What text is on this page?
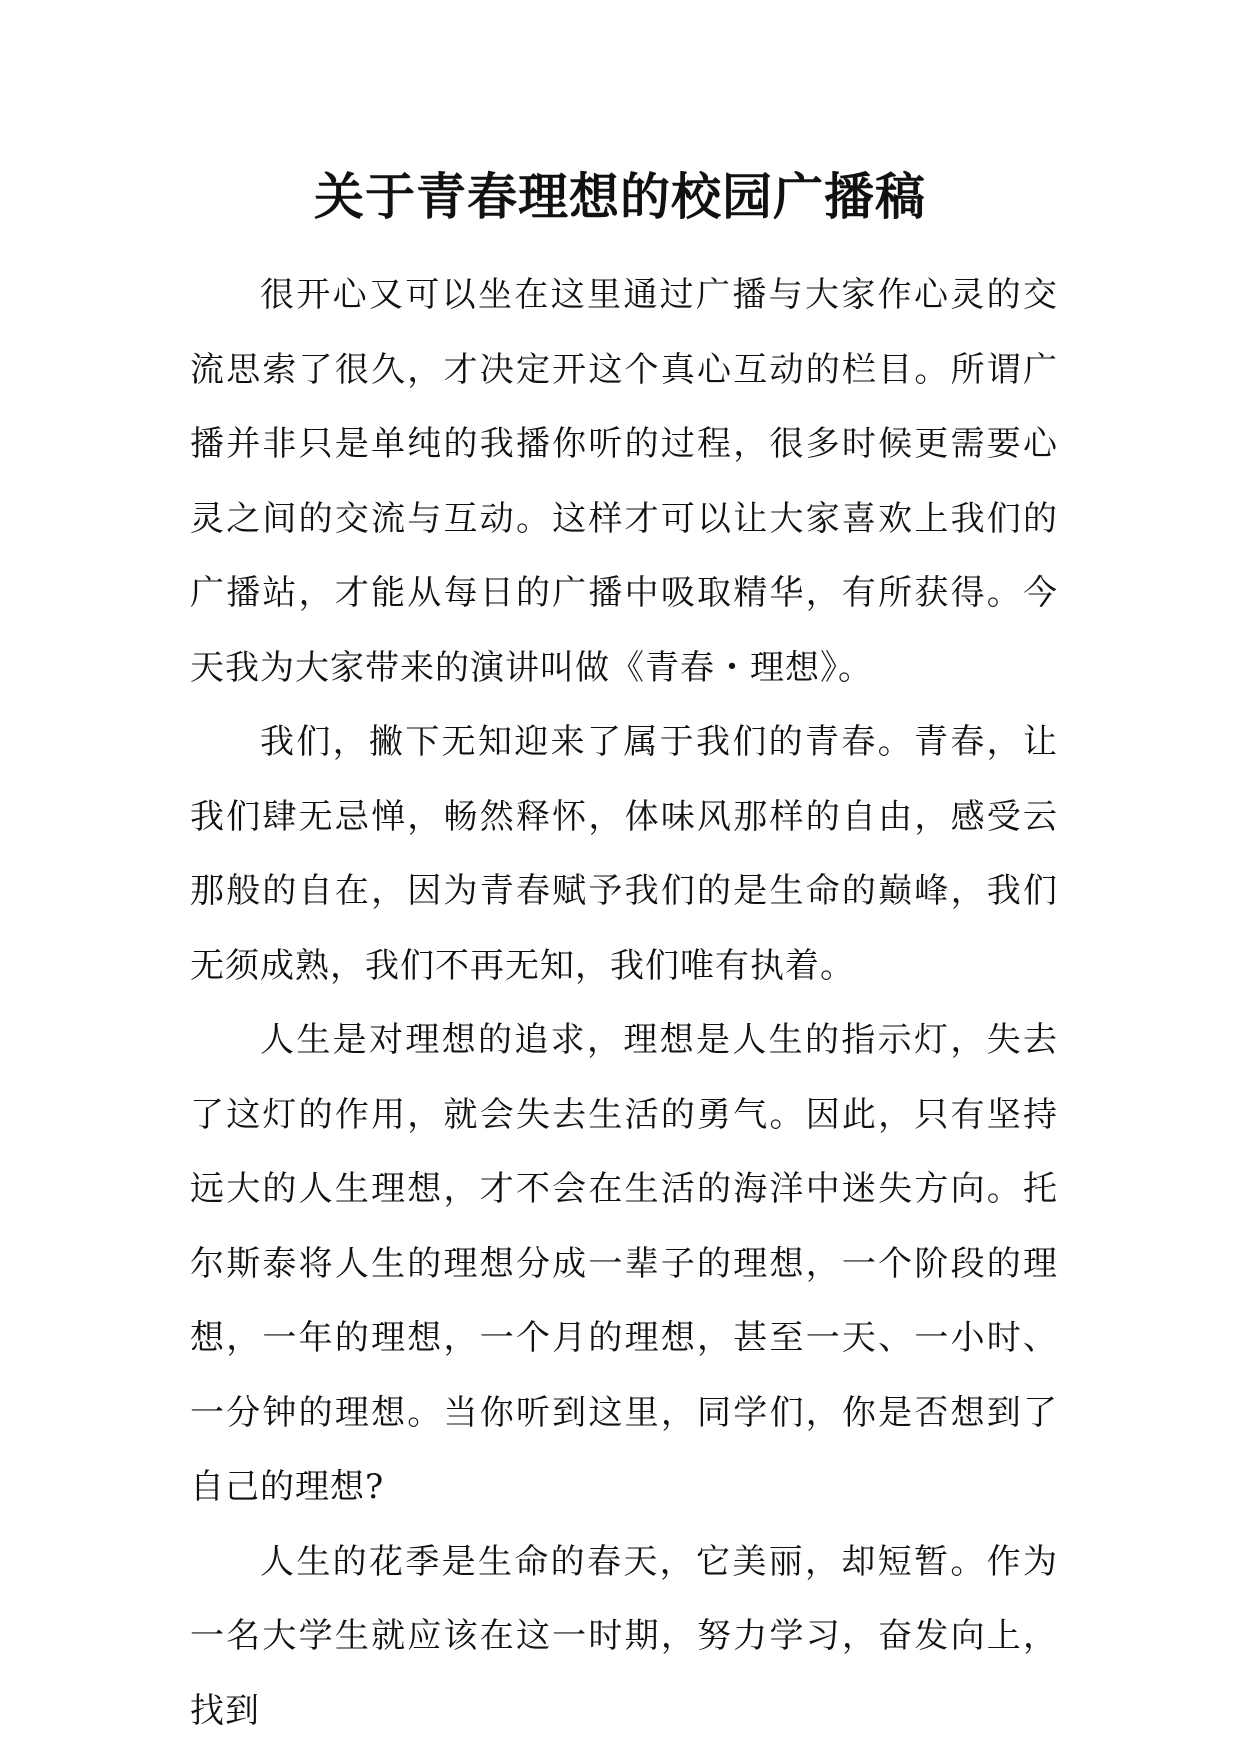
关于青春理想的校园广播稿

很开心又可以坐在这里通过广播与大家作心灵的交流思索了很久，才决定开这个真心互动的栏目。所谓广播并非只是单纯的我播你听的过程，很多时候更需要心灵之间的交流与互动。这样才可以让大家喜欢上我们的广播站，才能从每日的广播中吸取精华，有所获得。今天我为大家带来的演讲叫做《青春・理想》。

我们，撇下无知迎来了属于我们的青春。青春，让我们肆无忌惮，畅然释怀，体味风那样的自由，感受云那般的自在，因为青春赋予我们的是生命的巅峰，我们无须成熟，我们不再无知，我们唯有执着。

人生是对理想的追求，理想是人生的指示灯，失去了这灯的作用，就会失去生活的勇气。因此，只有坚持远大的人生理想，才不会在生活的海洋中迷失方向。托尔斯泰将人生的理想分成一辈子的理想，一个阶段的理想，一年的理想，一个月的理想，甚至一天、一小时、一分钟的理想。当你听到这里，同学们，你是否想到了自己的理想?

人生的花季是生命的春天，它美丽，却短暂。作为一名大学生就应该在这一时期，努力学习，奋发向上，找到
